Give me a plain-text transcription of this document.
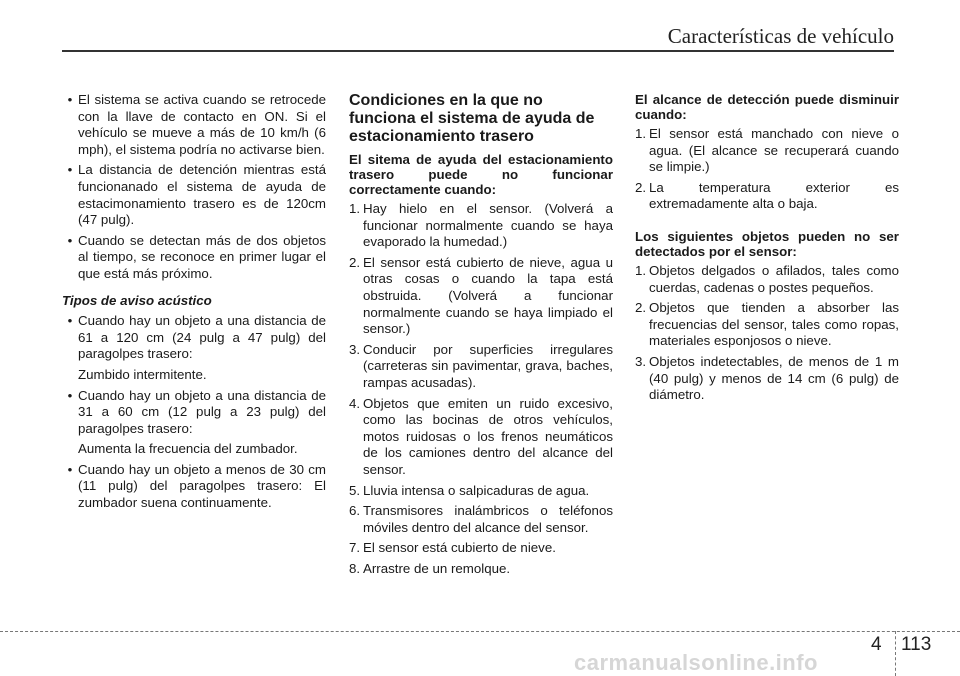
Características de vehículo
• El sistema se activa cuando se retrocede con la llave de contacto en ON. Si el vehículo se mueve a más de 10 km/h (6 mph), el sistema podría no activarse bien.
• La distancia de detención mientras está funcionanado el sistema de ayuda de estacimonamiento trasero es de 120cm (47 pulg).
• Cuando se detectan más de dos objetos al tiempo, se reconoce en primer lugar el que está más próximo.
Tipos de aviso acústico
• Cuando hay un objeto a una distancia de 61 a 120 cm (24 pulg a 47 pulg) del paragolpes trasero:
Zumbido intermitente.
• Cuando hay un objeto a una distancia de 31 a 60 cm (12 pulg a 23 pulg) del paragolpes trasero:
Aumenta la frecuencia del zumbador.
• Cuando hay un objeto a menos de 30 cm (11 pulg) del paragolpes trasero: El zumbador suena continuamente.
Condiciones en la que no funciona el sistema de ayuda de estacionamiento trasero
El sitema de ayuda del estacionamiento trasero puede no funcionar correctamente cuando:
1. Hay hielo en el sensor. (Volverá a funcionar normalmente cuando se haya evaporado la humedad.)
2. El sensor está cubierto de nieve, agua u otras cosas o cuando la tapa está obstruida. (Volverá a funcionar normalmente cuando se haya limpiado el sensor.)
3. Conducir por superficies irregulares (carreteras sin pavimentar, grava, baches, rampas acusadas).
4. Objetos que emiten un ruido excesivo, como las bocinas de otros vehículos, motos ruidosas o los frenos neumáticos de los camiones dentro del alcance del sensor.
5. Lluvia intensa o salpicaduras de agua.
6. Transmisores inalámbricos o teléfonos móviles dentro del alcance del sensor.
7. El sensor está cubierto de nieve.
8. Arrastre de un remolque.
El alcance de detección puede disminuir cuando:
1. El sensor está manchado con nieve o agua. (El alcance se recuperará cuando se limpie.)
2. La temperatura exterior es extremadamente alta o baja.
Los siguientes objetos pueden no ser detectados por el sensor:
1. Objetos delgados o afilados, tales como cuerdas, cadenas o postes pequeños.
2. Objetos que tienden a absorber las frecuencias del sensor, tales como ropas, materiales esponjosos o nieve.
3. Objetos indetectables, de menos de 1 m (40 pulg) y menos de 14 cm (6 pulg) de diámetro.
4 113
carmanualsonline.info
